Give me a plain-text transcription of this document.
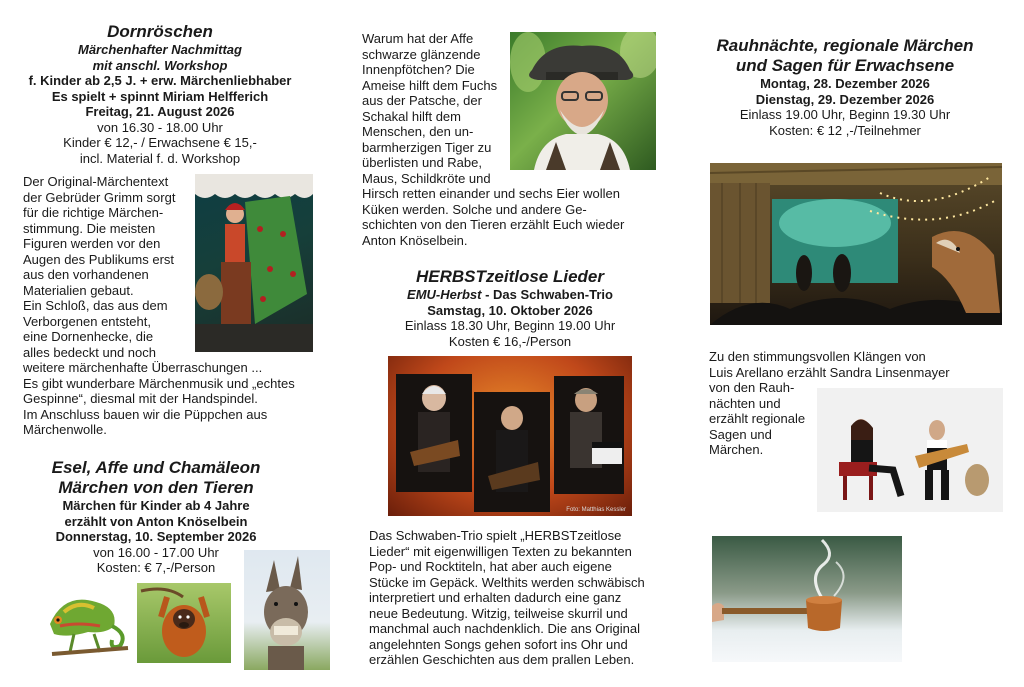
Dornröschen
Märchenhafter Nachmittag
mit anschl. Workshop
f. Kinder ab 2,5 J. + erw. Märchenliebhaber
Es spielt + spinnt Miriam Helfferich
Freitag, 21. August 2026
von 16.30 - 18.00 Uhr
Kinder € 12,- / Erwachsene € 15,-
incl. Material f. d. Workshop
Der Original-Märchentext
der Gebrüder Grimm sorgt
für die richtige Märchen-
stimmung. Die meisten
Figuren werden vor den
Augen des Publikums erst
aus den vorhandenen
Materialien gebaut.
Ein Schloß, das aus dem
Verborgenen entsteht,
eine Dornenhecke, die
alles bedeckt und noch
weitere märchenhafte Überraschungen ...
Es gibt wunderbare Märchenmusik und „echtes
Gespinne“, diesmal mit der Handspindel.
Im Anschluss bauen wir die Püppchen aus
Märchenwolle.
Esel, Affe und Chamäleon
Märchen von den Tieren
Märchen für Kinder ab 4 Jahre
erzählt von Anton Knöselbein
Donnerstag, 10. September 2026
von 16.00 - 17.00 Uhr
Kosten: € 7,-/Person
Warum hat der Affe
schwarze glänzende
Innenpfötchen? Die
Ameise hilft dem Fuchs
aus der Patsche, der
Schakal hilft dem
Menschen, den un-
barmherzigen Tiger zu
überlisten und Rabe,
Maus, Schildkröte und
Hirsch retten einander und sechs Eier wollen
Küken werden. Solche und andere Ge-
schichten von den Tieren erzählt Euch wieder
Anton Knöselbein.
HERBSTzeitlose Lieder
EMU-Herbst - Das Schwaben-Trio
Samstag, 10. Oktober 2026
Einlass 18.30 Uhr, Beginn 19.00 Uhr
Kosten € 16,-/Person
Foto: Matthias Kessler
Das Schwaben-Trio spielt „HERBSTzeitlose
Lieder“ mit eigenwilligen Texten zu bekannten
Pop- und Rocktiteln, hat aber auch eigene
Stücke im Gepäck. Welthits werden schwäbisch
interpretiert und erhalten dadurch eine ganz
neue Bedeutung. Witzig, teilweise skurril und
manchmal auch nachdenklich. Die ans Original
angelehnten Songs gehen sofort ins Ohr und
erzählen Geschichten aus dem prallen Leben.
Rauhnächte, regionale Märchen
und Sagen für Erwachsene
Montag, 28. Dezember 2026
Dienstag, 29. Dezember 2026
Einlass 19.00 Uhr, Beginn 19.30 Uhr
Kosten: € 12 ,-/Teilnehmer
Zu den stimmungsvollen Klängen von
Luis Arellano erzählt Sandra Linsenmayer
von den Rauh-
nächten und
erzählt regionale
Sagen und
Märchen.
